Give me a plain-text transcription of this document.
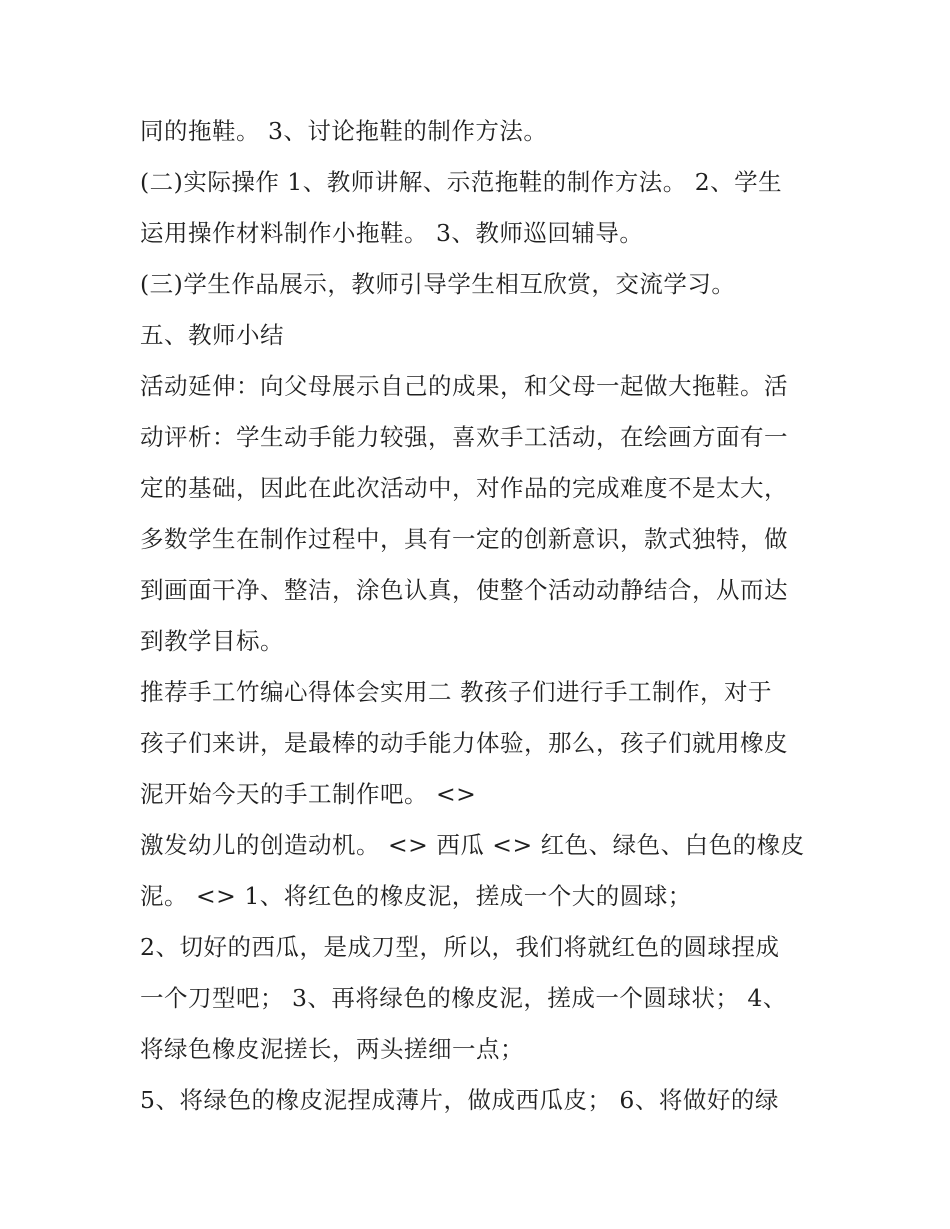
同的拖鞋。 3、讨论拖鞋的制作方法。

(二)实际操作 1、教师讲解、示范拖鞋的制作方法。 2、学生
运用操作材料制作小拖鞋。 3、教师巡回辅导。

(三)学生作品展示，教师引导学生相互欣赏，交流学习。

五、教师小结

活动延伸：向父母展示自己的成果，和父母一起做大拖鞋。活
动评析：学生动手能力较强，喜欢手工活动，在绘画方面有一
定的基础，因此在此次活动中，对作品的完成难度不是太大，
多数学生在制作过程中，具有一定的创新意识，款式独特，做
到画面干净、整洁，涂色认真，使整个活动动静结合，从而达
到教学目标。

推荐手工竹编心得体会实用二 教孩子们进行手工制作，对于
孩子们来讲，是最棒的动手能力体验，那么，孩子们就用橡皮
泥开始今天的手工制作吧。 <>

激发幼儿的创造动机。 <> 西瓜 <> 红色、绿色、白色的橡皮
泥。 <> 1、将红色的橡皮泥，搓成一个大的圆球；

2、切好的西瓜，是成刀型，所以，我们将就红色的圆球捏成
一个刀型吧； 3、再将绿色的橡皮泥，搓成一个圆球状； 4、
将绿色橡皮泥搓长，两头搓细一点；

5、将绿色的橡皮泥捏成薄片，做成西瓜皮； 6、将做好的绿
